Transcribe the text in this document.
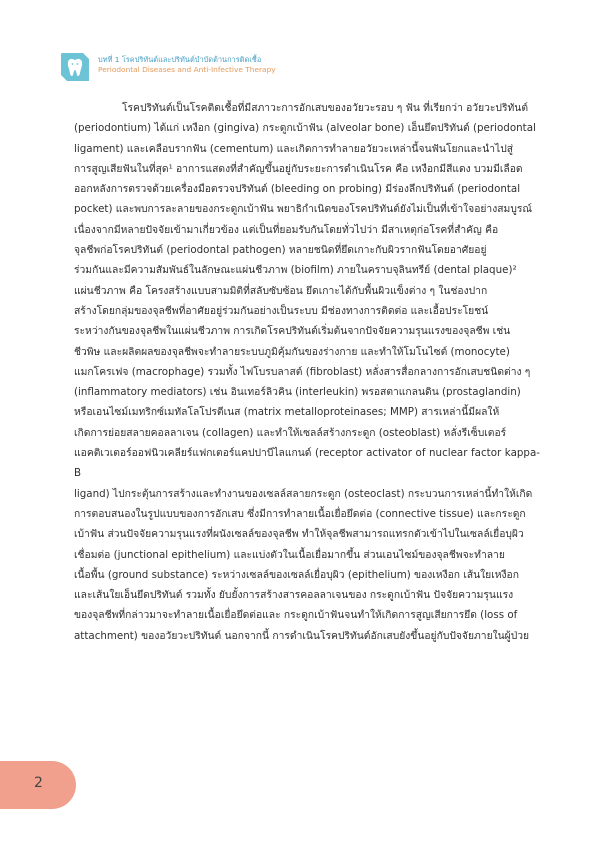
บทที่ 1 โรคปริทันต์และปริทันต์บำบัดต้านการติดเชื้อ
Periodontal Diseases and Anti-Infective Therapy

โรคปริทันต์เป็นโรคติดเชื้อที่มีสภาวะการอักเสบของอวัยวะรอบ ๆ ฟัน ที่เรียกว่า อวัยวะปริทันต์
(periodontium) ได้แก่ เหงือก (gingiva) กระดูกเบ้าฟัน (alveolar bone) เอ็นยึดปริทันต์ (periodontal
ligament) และเคลือบรากฟัน (cementum) และเกิดการทำลายอวัยวะเหล่านี้จนฟันโยกและนำไปสู่
การสูญเสียฟันในที่สุด¹ อาการแสดงที่สำคัญขึ้นอยู่กับระยะการดำเนินโรค คือ เหงือกมีสีแดง บวมมีเลือด
ออกหลังการตรวจด้วยเครื่องมือตรวจปริทันต์ (bleeding on probing) มีร่องลึกปริทันต์ (periodontal
pocket) และพบการละลายของกระดูกเบ้าฟัน พยาธิกำเนิดของโรคปริทันต์ยังไม่เป็นที่เข้าใจอย่างสมบูรณ์
เนื่องจากมีหลายปัจจัยเข้ามาเกี่ยวข้อง แต่เป็นที่ยอมรับกันโดยทั่วไปว่า มีสาเหตุก่อโรคที่สำคัญ คือ
จุลชีพก่อโรคปริทันต์ (periodontal pathogen) หลายชนิดที่ยึดเกาะกับผิวรากฟันโดยอาศัยอยู่
ร่วมกันและมีความสัมพันธ์ในลักษณะแผ่นชีวภาพ (biofilm) ภายในคราบจุลินทรีย์ (dental plaque)²
แผ่นชีวภาพ คือ โครงสร้างแบบสามมิติที่สลับซับซ้อน ยึดเกาะได้กับพื้นผิวแข็งต่าง ๆ ในช่องปาก
สร้างโดยกลุ่มของจุลชีพที่อาศัยอยู่ร่วมกันอย่างเป็นระบบ มีช่องทางการติดต่อ และเอื้อประโยชน์
ระหว่างกันของจุลชีพในแผ่นชีวภาพ การเกิดโรคปริทันต์เริ่มต้นจากปัจจัยความรุนแรงของจุลชีพ เช่น
ชีวพิษ และผลิตผลของจุลชีพจะทำลายระบบภูมิคุ้มกันของร่างกาย และทำให้โมโนไซต์ (monocyte)
แมกโครเฟจ (macrophage) รวมทั้ง ไฟโบรบลาสต์ (fibroblast) หลั่งสารสื่อกลางการอักเสบชนิดต่าง ๆ
(inflammatory mediators) เช่น อินเทอร์ลิวคิน (interleukin) พรอสตาแกลนดิน (prostaglandin)
หรือเอนไซม์เมทริกซ์เมทัลโลโปรตีเนส (matrix metalloproteinases; MMP) สารเหล่านี้มีผลให้
เกิดการย่อยสลายคอลลาเจน (collagen) และทำให้เซลล์สร้างกระดูก (osteoblast) หลั่งรีเซ็บเตอร์
แอคติเวเตอร์ออฟนิวเคลียร์แฟกเตอร์แคปปาบีไลแกนด์ (receptor activator of nuclear factor kappa-B
ligand) ไปกระตุ้นการสร้างและทำงานของเซลล์สลายกระดูก (osteoclast) กระบวนการเหล่านี้ทำให้เกิด
การตอบสนองในรูปแบบของการอักเสบ ซึ่งมีการทำลายเนื้อเยื่อยึดต่อ (connective tissue) และกระดูก
เบ้าฟัน ส่วนปัจจัยความรุนแรงที่ผนังเซลล์ของจุลชีพ ทำให้จุลชีพสามารถแทรกตัวเข้าไปในเซลล์เยื่อบุผิว
เชื่อมต่อ (junctional epithelium) และแบ่งตัวในเนื้อเยื่อมากขึ้น ส่วนเอนไซม์ของจุลชีพจะทำลาย
เนื้อพื้น (ground substance) ระหว่างเซลล์ของเซลล์เยื่อบุผิว (epithelium) ของเหงือก เส้นใยเหงือก
และเส้นใยเอ็นยึดปริทันต์ รวมทั้ง ยับยั้งการสร้างสารคอลลาเจนของ กระดูกเบ้าฟัน ปัจจัยความรุนแรง
ของจุลชีพที่กล่าวมาจะทำลายเนื้อเยื่อยึดต่อและ กระดูกเบ้าฟันจนทำให้เกิดการสูญเสียการยึด (loss of
attachment) ของอวัยวะปริทันต์ นอกจากนี้ การดำเนินโรคปริทันต์อักเสบยังขึ้นอยู่กับปัจจัยภายในผู้ป่วย

2
